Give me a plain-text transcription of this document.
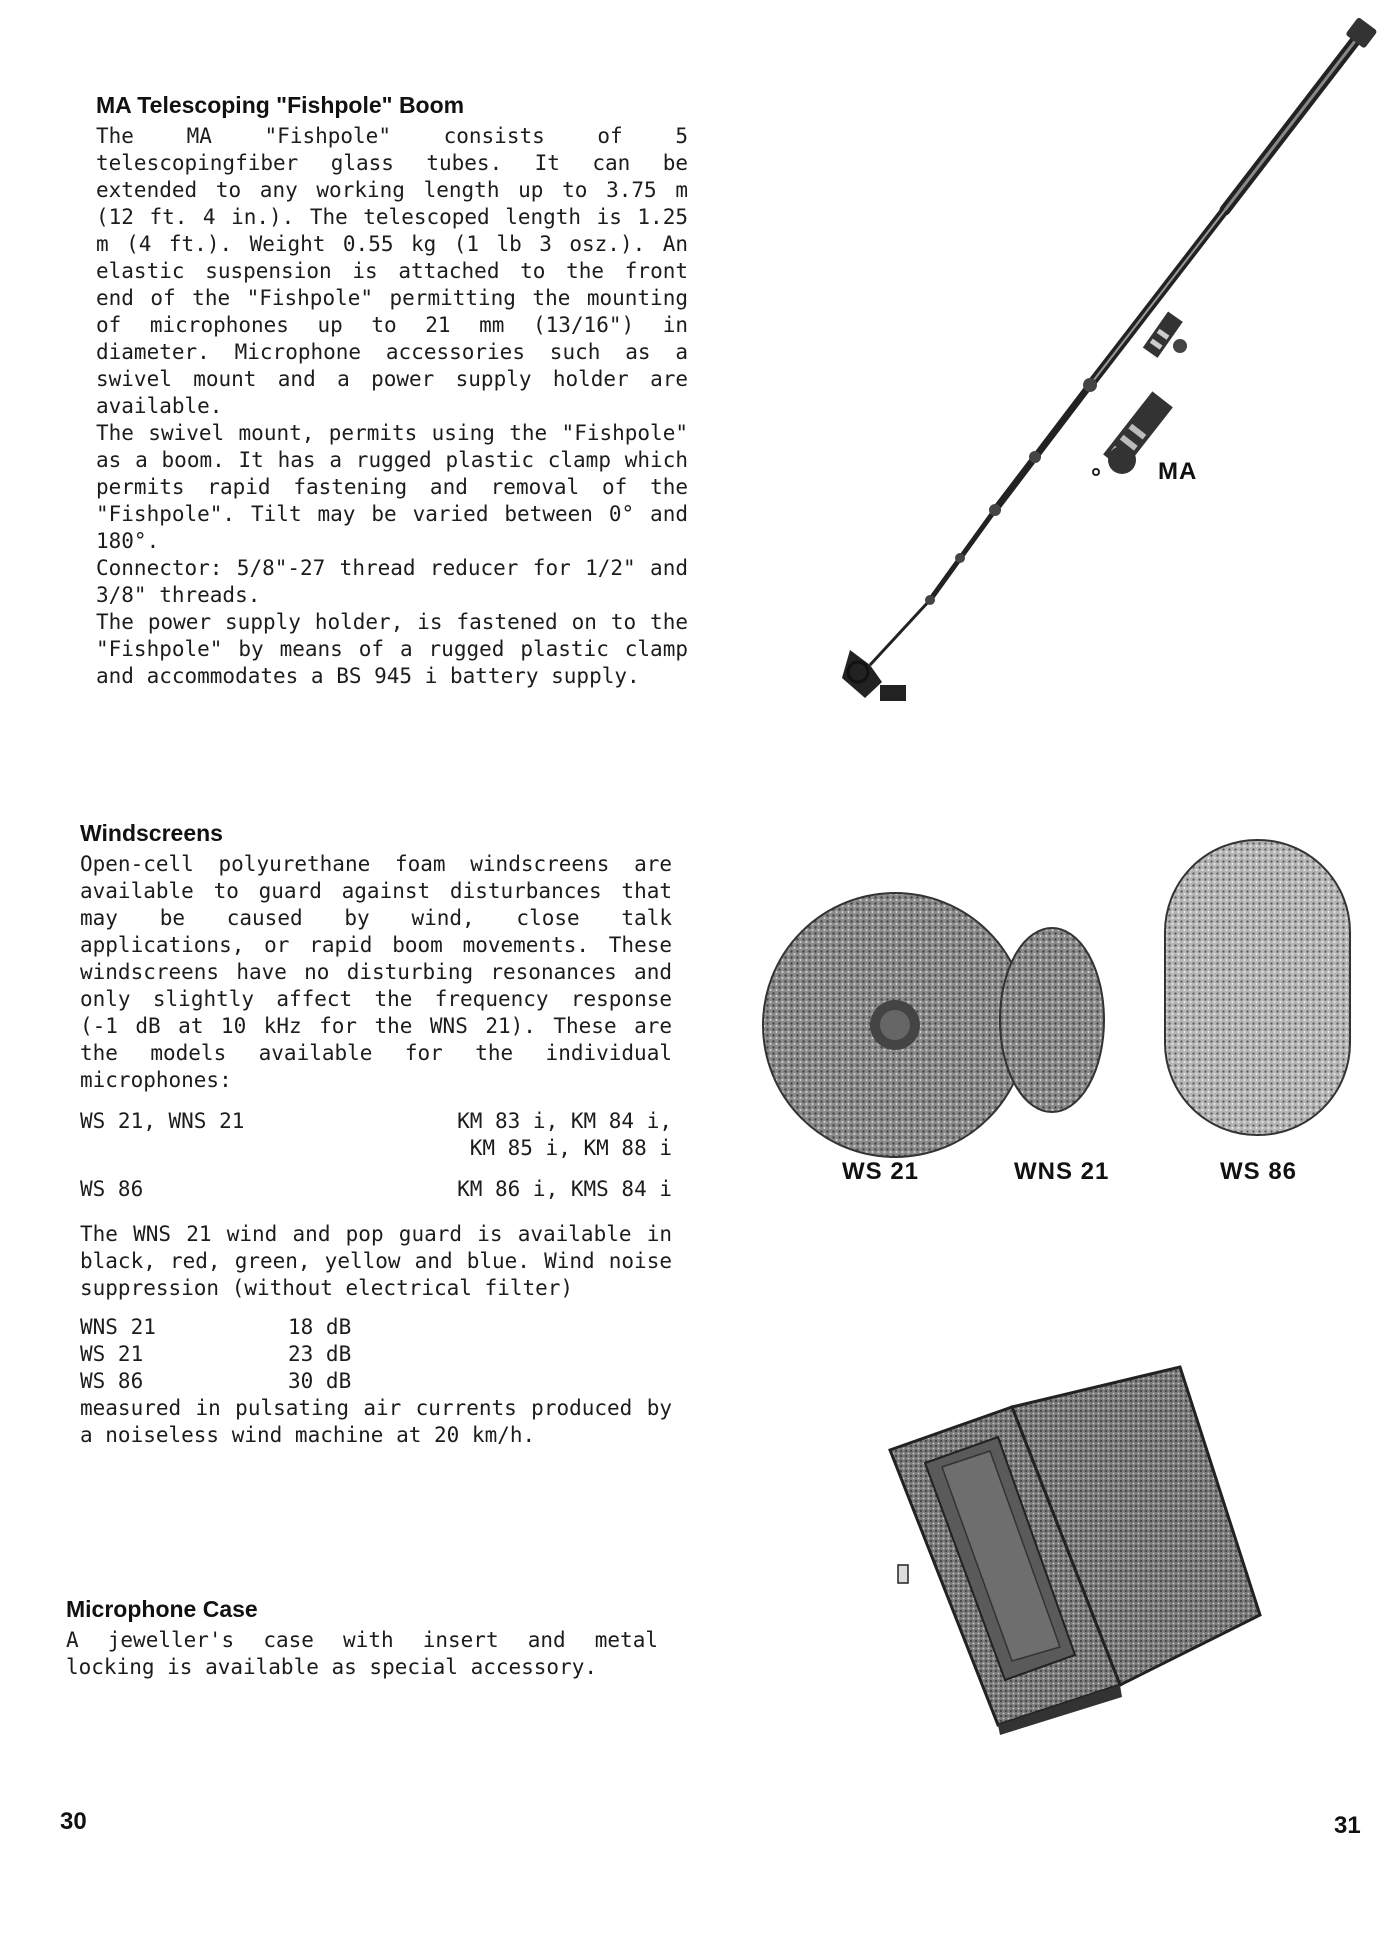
MA Telescoping "Fishpole" Boom

The MA "Fishpole" consists of 5 telescopingfiber glass tubes. It can be extended to any working length up to 3.75 m (12 ft. 4 in.). The telescoped length is 1.25 m (4 ft.). Weight 0.55 kg (1 lb 3 osz.). An elastic suspension is attached to the front end of the "Fishpole" permitting the mounting of microphones up to 21 mm (13/16") in diameter. Microphone accessories such as a swivel mount and a power supply holder are available.

The swivel mount, permits using the "Fishpole" as a boom. It has a rugged plastic clamp which permits rapid fastening and removal of the "Fishpole". Tilt may be varied between 0° and 180°.

Connector: 5/8"-27 thread reducer for 1/2" and 3/8" threads.

The power supply holder, is fastened on to the "Fishpole" by means of a rugged plastic clamp and accommodates a BS 945 i battery supply.

MA
Windscreens
Open-cell polyurethane foam windscreens are available to guard against disturbances that may be caused by wind, close talk applications, or rapid boom movements. These windscreens have no disturbing resonances and only slightly affect the frequency response (-1 dB at 10 kHz for the WNS 21). These are the models available for the individual microphones:
WS 21, WNS 21	KM 83 i, KM 84 i,
KM 85 i, KM 88 i
WS 86	KM 86 i, KMS 84 i
The WNS 21 wind and pop guard is available in black, red, green, yellow and blue. Wind noise suppression (without electrical filter)
WNS 21	18 dB
WS 21	23 dB
WS 86	30 dB
measured in pulsating air currents produced by a noiseless wind machine at 20 km/h.
WS 21	WNS 21	WS 86
Microphone Case
A jeweller's case with insert and metal locking is available as special accessory.
30	31
